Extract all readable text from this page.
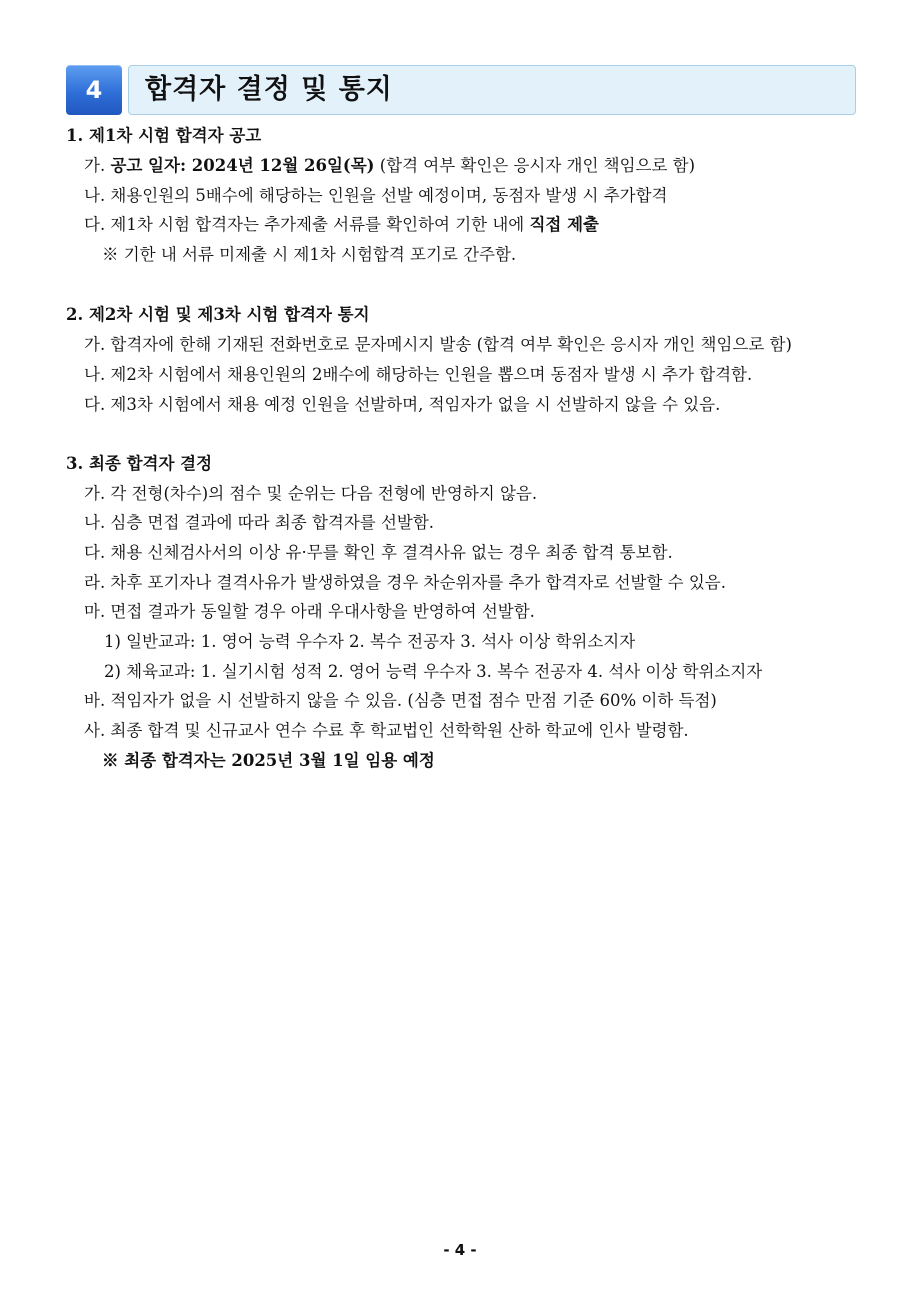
4	합격자 결정 및 통지
1. 제1차 시험 합격자 공고
가. 공고 일자: 2024년 12월 26일(목) (합격 여부 확인은 응시자 개인 책임으로 함)
나. 채용인원의 5배수에 해당하는 인원을 선발 예정이며, 동점자 발생 시 추가합격
다. 제1차 시험 합격자는 추가제출 서류를 확인하여 기한 내에 직접 제출
※ 기한 내 서류 미제출 시 제1차 시험합격 포기로 간주함.
2. 제2차 시험 및 제3차 시험 합격자 통지
가. 합격자에 한해 기재된 전화번호로 문자메시지 발송 (합격 여부 확인은 응시자 개인 책임으로 함)
나. 제2차 시험에서 채용인원의 2배수에 해당하는 인원을 뽑으며 동점자 발생 시 추가 합격함.
다. 제3차 시험에서 채용 예정 인원을 선발하며, 적임자가 없을 시 선발하지 않을 수 있음.
3. 최종 합격자 결정
가. 각 전형(차수)의 점수 및 순위는 다음 전형에 반영하지 않음.
나. 심층 면접 결과에 따라 최종 합격자를 선발함.
다. 채용 신체검사서의 이상 유·무를 확인 후 결격사유 없는 경우 최종 합격 통보함.
라. 차후 포기자나 결격사유가 발생하였을 경우 차순위자를 추가 합격자로 선발할 수 있음.
마. 면접 결과가 동일할 경우 아래 우대사항을 반영하여 선발함.
1) 일반교과: 1. 영어 능력 우수자 2. 복수 전공자 3. 석사 이상 학위소지자
2) 체육교과: 1. 실기시험 성적 2. 영어 능력 우수자 3. 복수 전공자 4. 석사 이상 학위소지자
바. 적임자가 없을 시 선발하지 않을 수 있음. (심층 면접 점수 만점 기준 60% 이하 득점)
사. 최종 합격 및 신규교사 연수 수료 후 학교법인 선학학원 산하 학교에 인사 발령함.
※ 최종 합격자는 2025년 3월 1일 임용 예정
- 4 -
